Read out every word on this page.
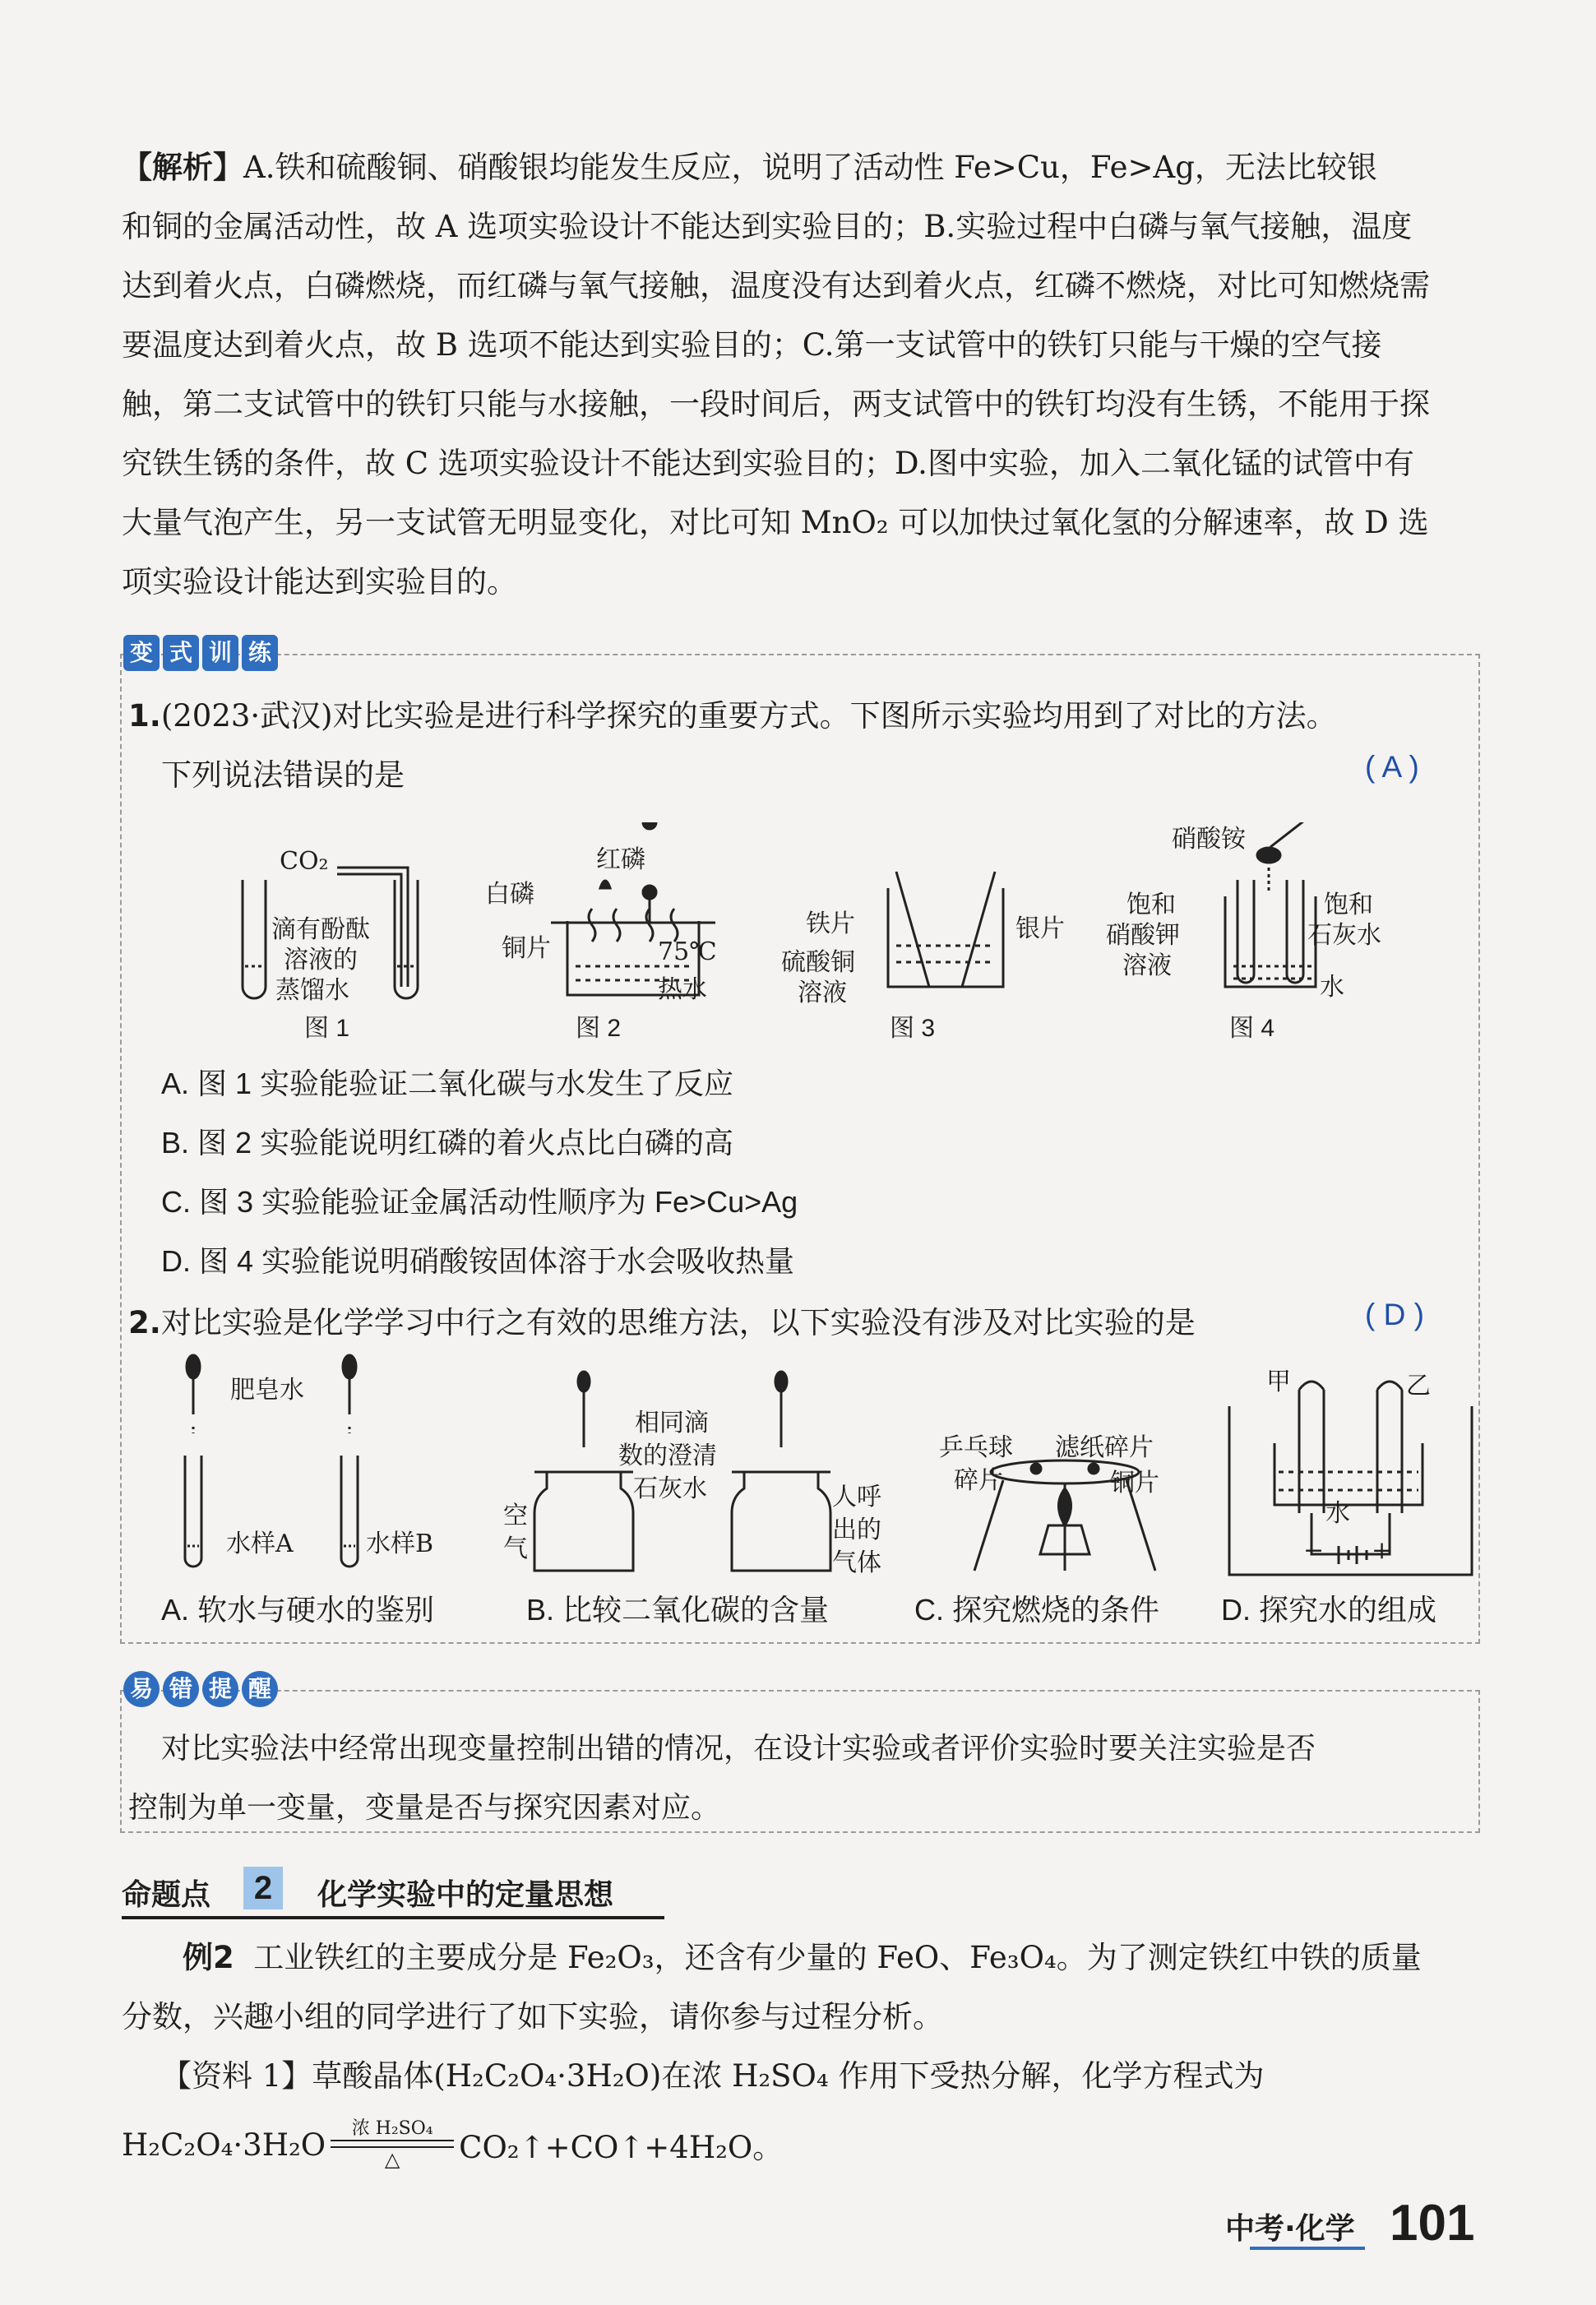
【解析】A.铁和硫酸铜、硝酸银均能发生反应，说明了活动性 Fe>Cu，Fe>Ag，无法比较银
和铜的金属活动性，故 A 选项实验设计不能达到实验目的；B.实验过程中白磷与氧气接触，温度
达到着火点，白磷燃烧，而红磷与氧气接触，温度没有达到着火点，红磷不燃烧，对比可知燃烧需
要温度达到着火点，故 B 选项不能达到实验目的；C.第一支试管中的铁钉只能与干燥的空气接
触，第二支试管中的铁钉只能与水接触，一段时间后，两支试管中的铁钉均没有生锈，不能用于探
究铁生锈的条件，故 C 选项实验设计不能达到实验目的；D.图中实验，加入二氧化锰的试管中有
大量气泡产生，另一支试管无明显变化，对比可知 MnO₂ 可以加快过氧化氢的分解速率，故 D 选
项实验设计能达到实验目的。
变 式 训 练
1.(2023·武汉)对比实验是进行科学探究的重要方式。下图所示实验均用到了对比的方法。
下列说法错误的是	( A )
CO₂
滴有酚酞
溶液的
蒸馏水
图 1
红磷
白磷
铜片	75℃
热水
图 2
铁片	银片
硫酸铜
溶液
图 3
硝酸铵
饱和
硝酸钾
溶液
饱和
石灰水
水
图 4
A. 图 1 实验能验证二氧化碳与水发生了反应
B. 图 2 实验能说明红磷的着火点比白磷的高
C. 图 3 实验能验证金属活动性顺序为 Fe>Cu>Ag
D. 图 4 实验能说明硝酸铵固体溶于水会吸收热量
2.对比实验是化学学习中行之有效的思维方法，以下实验没有涉及对比实验的是	( D )
肥皂水
水样A	水样B
A. 软水与硬水的鉴别
相同滴
数的澄清
石灰水
空
气
人呼
出的
气体
B. 比较二氧化碳的含量
乒乓球
碎片
滤纸碎片
铜片
C. 探究燃烧的条件
甲	乙
水
− +
D. 探究水的组成
易 错 提 醒
对比实验法中经常出现变量控制出错的情况，在设计实验或者评价实验时要关注实验是否
控制为单一变量，变量是否与探究因素对应。
命题点	2	化学实验中的定量思想
例2 工业铁红的主要成分是 Fe₂O₃，还含有少量的 FeO、Fe₃O₄。为了测定铁红中铁的质量
分数，兴趣小组的同学进行了如下实验，请你参与过程分析。
【资料 1】草酸晶体(H₂C₂O₄·3H₂O)在浓 H₂SO₄ 作用下受热分解，化学方程式为
H₂C₂O₄·3H₂O 浓 H₂SO₄
△ CO₂↑+CO↑+4H₂O。
中考·化学 101
